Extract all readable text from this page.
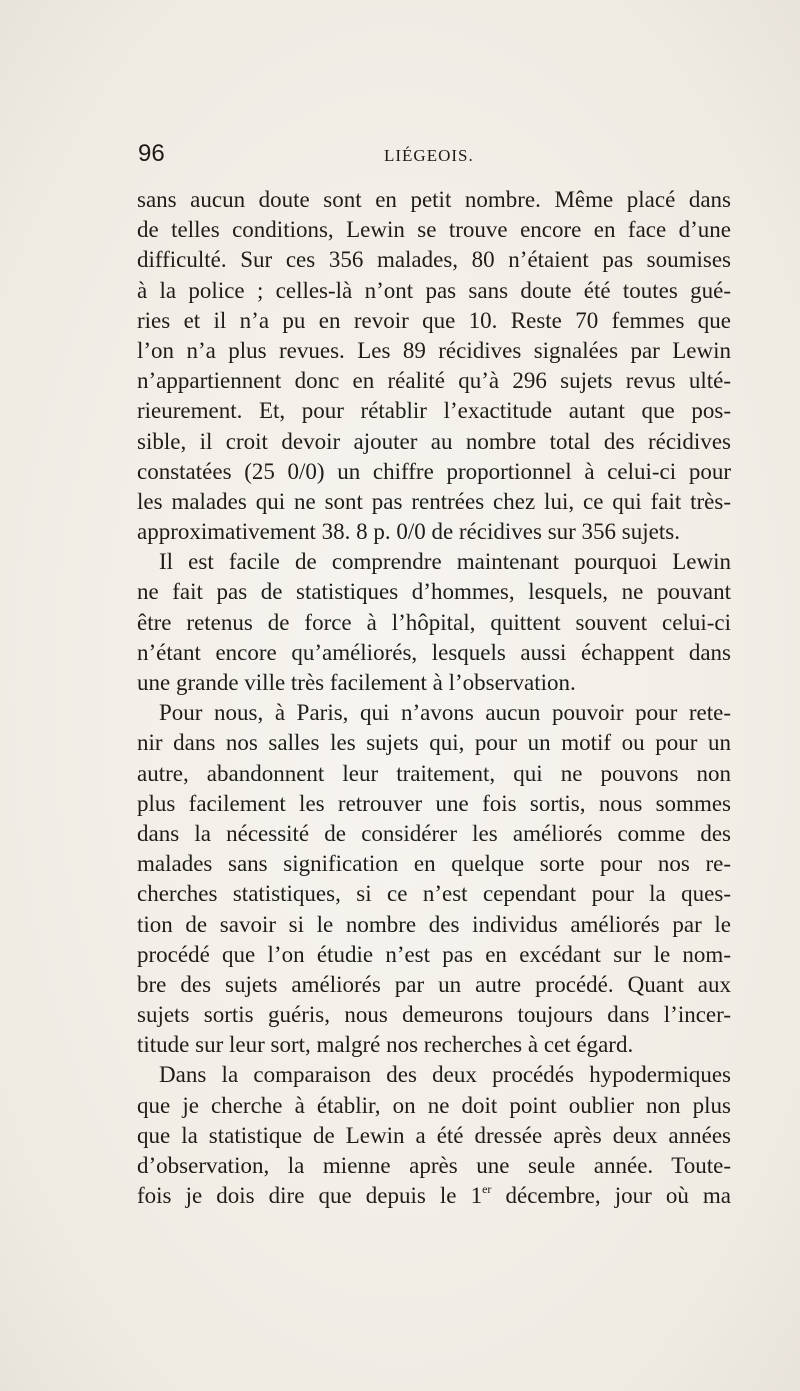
96	LIÉGEOIS.
sans aucun doute sont en petit nombre. Même placé dans
de telles conditions, Lewin se trouve encore en face d’une
difficulté. Sur ces 356 malades, 80 n’étaient pas soumises
à la police ; celles-là n’ont pas sans doute été toutes gué-
ries et il n’a pu en revoir que 10. Reste 70 femmes que
l’on n’a plus revues. Les 89 récidives signalées par Lewin
n’appartiennent donc en réalité qu’à 296 sujets revus ulté-
rieurement. Et, pour rétablir l’exactitude autant que pos-
sible, il croit devoir ajouter au nombre total des récidives
constatées (25 0/0) un chiffre proportionnel à celui-ci pour
les malades qui ne sont pas rentrées chez lui, ce qui fait très-
approximativement 38. 8 p. 0/0 de récidives sur 356 sujets.
Il est facile de comprendre maintenant pourquoi Lewin
ne fait pas de statistiques d’hommes, lesquels, ne pouvant
être retenus de force à l’hôpital, quittent souvent celui-ci
n’étant encore qu’améliorés, lesquels aussi échappent dans
une grande ville très facilement à l’observation.
Pour nous, à Paris, qui n’avons aucun pouvoir pour rete-
nir dans nos salles les sujets qui, pour un motif ou pour un
autre, abandonnent leur traitement, qui ne pouvons non
plus facilement les retrouver une fois sortis, nous sommes
dans la nécessité de considérer les améliorés comme des
malades sans signification en quelque sorte pour nos re-
cherches statistiques, si ce n’est cependant pour la ques-
tion de savoir si le nombre des individus améliorés par le
procédé que l’on étudie n’est pas en excédant sur le nom-
bre des sujets améliorés par un autre procédé. Quant aux
sujets sortis guéris, nous demeurons toujours dans l’incer-
titude sur leur sort, malgré nos recherches à cet égard.
Dans la comparaison des deux procédés hypodermiques
que je cherche à établir, on ne doit point oublier non plus
que la statistique de Lewin a été dressée après deux années
d’observation, la mienne après une seule année. Toute-
fois je dois dire que depuis le 1er décembre, jour où ma
